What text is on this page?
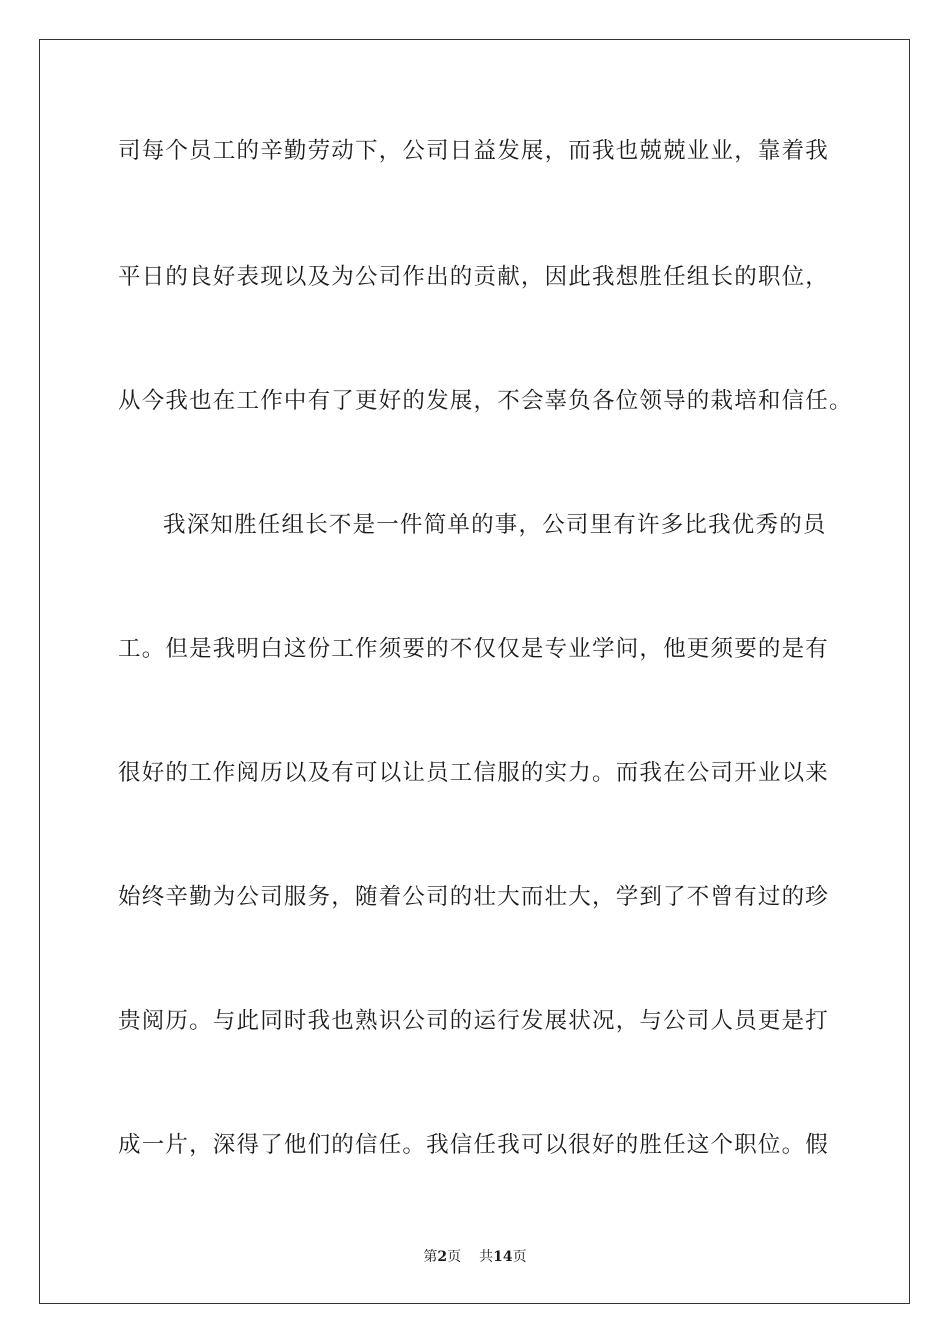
司每个员工的辛勤劳动下，公司日益发展，而我也兢兢业业，靠着我
平日的良好表现以及为公司作出的贡献，因此我想胜任组长的职位，
从今我也在工作中有了更好的发展，不会辜负各位领导的栽培和信任。
我深知胜任组长不是一件简单的事，公司里有许多比我优秀的员
工。但是我明白这份工作须要的不仅仅是专业学问，他更须要的是有
很好的工作阅历以及有可以让员工信服的实力。而我在公司开业以来
始终辛勤为公司服务，随着公司的壮大而壮大，学到了不曾有过的珍
贵阅历。与此同时我也熟识公司的运行发展状况，与公司人员更是打
成一片，深得了他们的信任。我信任我可以很好的胜任这个职位。假
第2页 共14页
